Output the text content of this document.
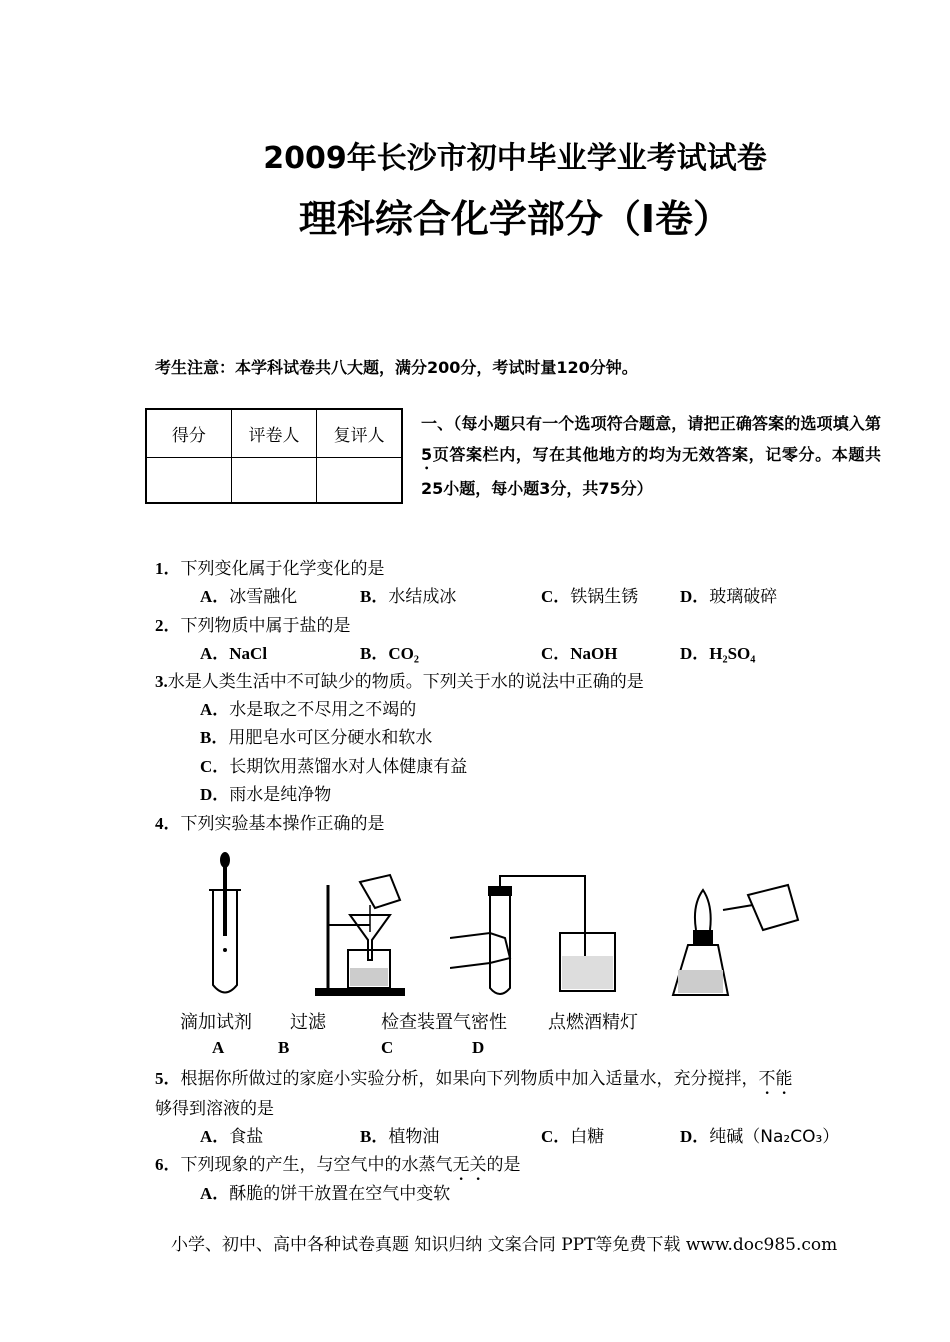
2009年长沙市初中毕业学业考试试卷
理科综合化学部分（Ⅰ卷）
考生注意：本学科试卷共八大题，满分200分，考试时量120分钟。
得分	评卷人	复评人

一、（每小题只有一个选项符合题意，请把正确答案的选项填入第5页答案栏内，写在其他地方的均为无效答案，记零分。本题共25小题，每小题3分，共75分）
1．下列变化属于化学变化的是
A．冰雪融化	B．水结成冰	C．铁锅生锈 D．玻璃破碎
2．下列物质中属于盐的是
A．NaCl	B．CO₂	C．NaOH	D．H₂SO₄
3.水是人类生活中不可缺少的物质。下列关于水的说法中正确的是
A．水是取之不尽用之不竭的
B．用肥皂水可区分硬水和软水
C．长期饮用蒸馏水对人体健康有益
D．雨水是纯净物
4．下列实验基本操作正确的是
滴加试剂 过滤	检查装置气密性 点燃酒精灯
A	B	C	D
5．根据你所做过的家庭小实验分析，如果向下列物质中加入适量水，充分搅拌，不能
够得到溶液的是
A．食盐	B．植物油	C．白糖	D．纯碱（Na₂CO₃）
6．下列现象的产生，与空气中的水蒸气无关的是
A．酥脆的饼干放置在空气中变软
小学、初中、高中各种试卷真题 知识归纳 文案合同 PPT等免费下载 www.doc985.com
